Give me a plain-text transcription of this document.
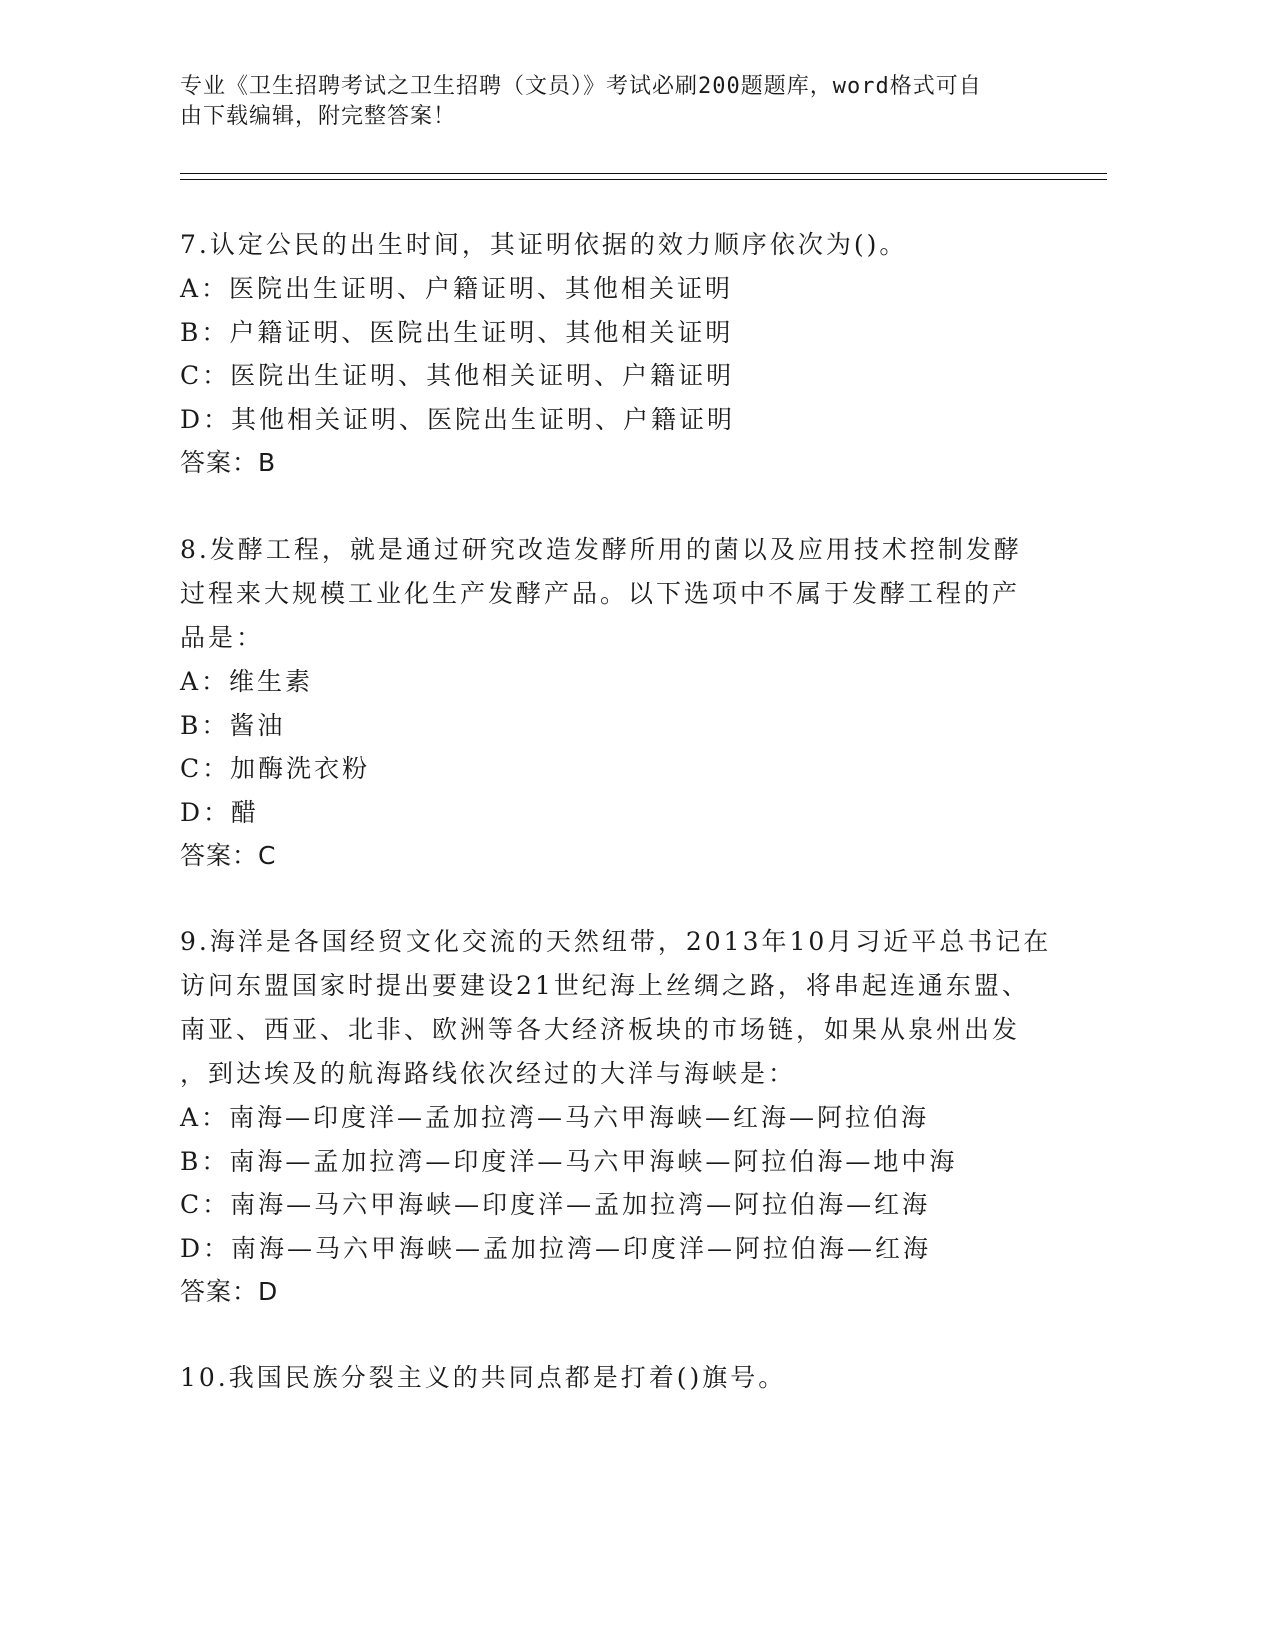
专业《卫生招聘考试之卫生招聘（文员）》考试必刷200题题库，word格式可自
由下载编辑，附完整答案！
7.认定公民的出生时间，其证明依据的效力顺序依次为()。
A：医院出生证明、户籍证明、其他相关证明
B：户籍证明、医院出生证明、其他相关证明
C：医院出生证明、其他相关证明、户籍证明
D：其他相关证明、医院出生证明、户籍证明
答案：B
8.发酵工程，就是通过研究改造发酵所用的菌以及应用技术控制发酵
过程来大规模工业化生产发酵产品。以下选项中不属于发酵工程的产
品是：
A：维生素
B：酱油
C：加酶洗衣粉
D：醋
答案：C
9.海洋是各国经贸文化交流的天然纽带，2013年10月习近平总书记在
访问东盟国家时提出要建设21世纪海上丝绸之路，将串起连通东盟、
南亚、西亚、北非、欧洲等各大经济板块的市场链，如果从泉州出发
，到达埃及的航海路线依次经过的大洋与海峡是：
A：南海—印度洋—孟加拉湾—马六甲海峡—红海—阿拉伯海
B：南海—孟加拉湾—印度洋—马六甲海峡—阿拉伯海—地中海
C：南海—马六甲海峡—印度洋—孟加拉湾—阿拉伯海—红海
D：南海—马六甲海峡—孟加拉湾—印度洋—阿拉伯海—红海
答案：D
10.我国民族分裂主义的共同点都是打着()旗号。
